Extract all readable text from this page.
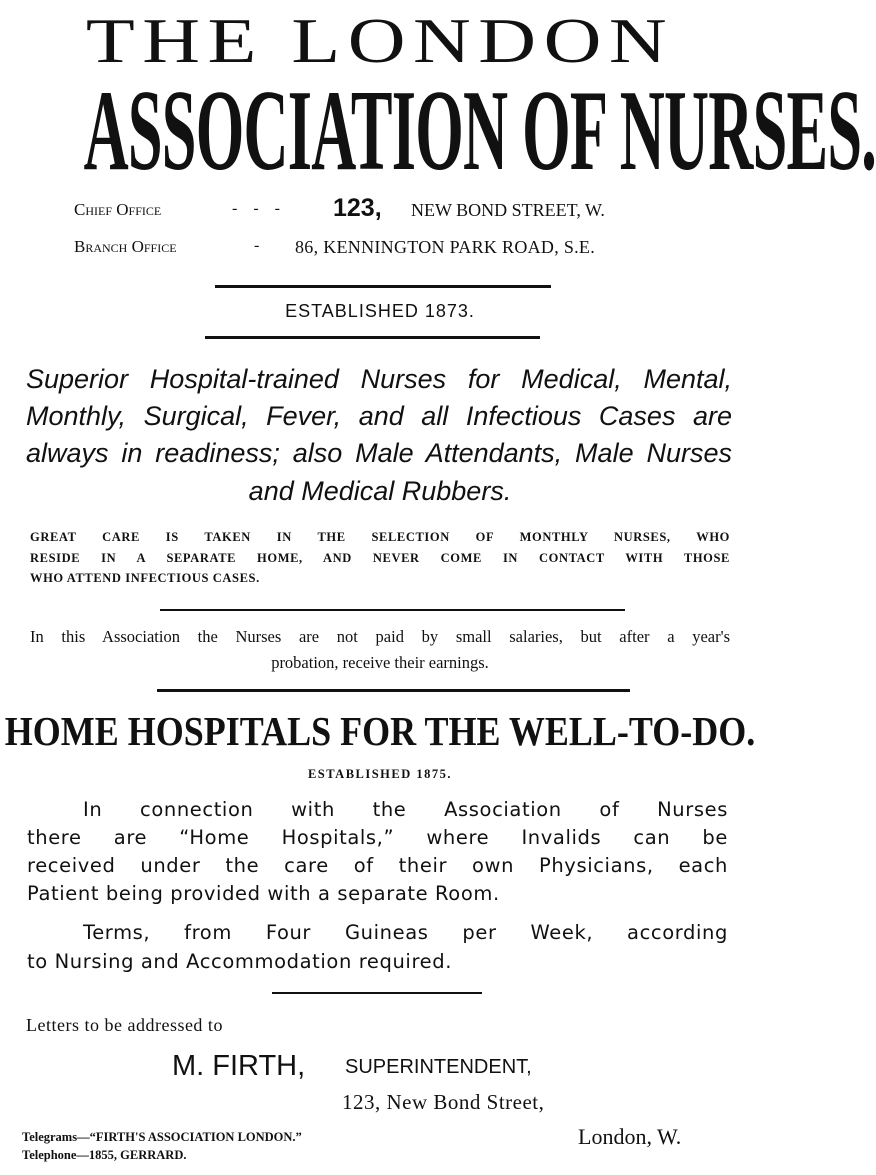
THE LONDON
ASSOCIATION OF NURSES.
Chief Office	- - - 123, NEW BOND STREET, W.
Branch Office	- 86, KENNINGTON PARK ROAD, S.E.
ESTABLISHED 1873.
Superior Hospital-trained Nurses for Medical, Mental,
Monthly, Surgical, Fever, and all Infectious Cases are
always in readiness; also Male Attendants, Male Nurses
and Medical Rubbers.
GREAT CARE IS TAKEN IN THE SELECTION OF MONTHLY NURSES, WHO
RESIDE IN A SEPARATE HOME, AND NEVER COME IN CONTACT WITH THOSE
WHO ATTEND INFECTIOUS CASES.
In this Association the Nurses are not paid by small salaries, but after a year's
probation, receive their earnings.
HOME HOSPITALS FOR THE WELL-TO-DO.
ESTABLISHED 1875.
In connection with the Association of Nurses
there are “Home Hospitals,” where Invalids can be
received under the care of their own Physicians, each
Patient being provided with a separate Room.
Terms, from Four Guineas per Week, according
to Nursing and Accommodation required.
Letters to be addressed to
M. FIRTH, SUPERINTENDENT,
123, New Bond Street,
Telegrams—“FIRTH'S ASSOCIATION LONDON.”
Telephone—1855, GERRARD.
London, W.
